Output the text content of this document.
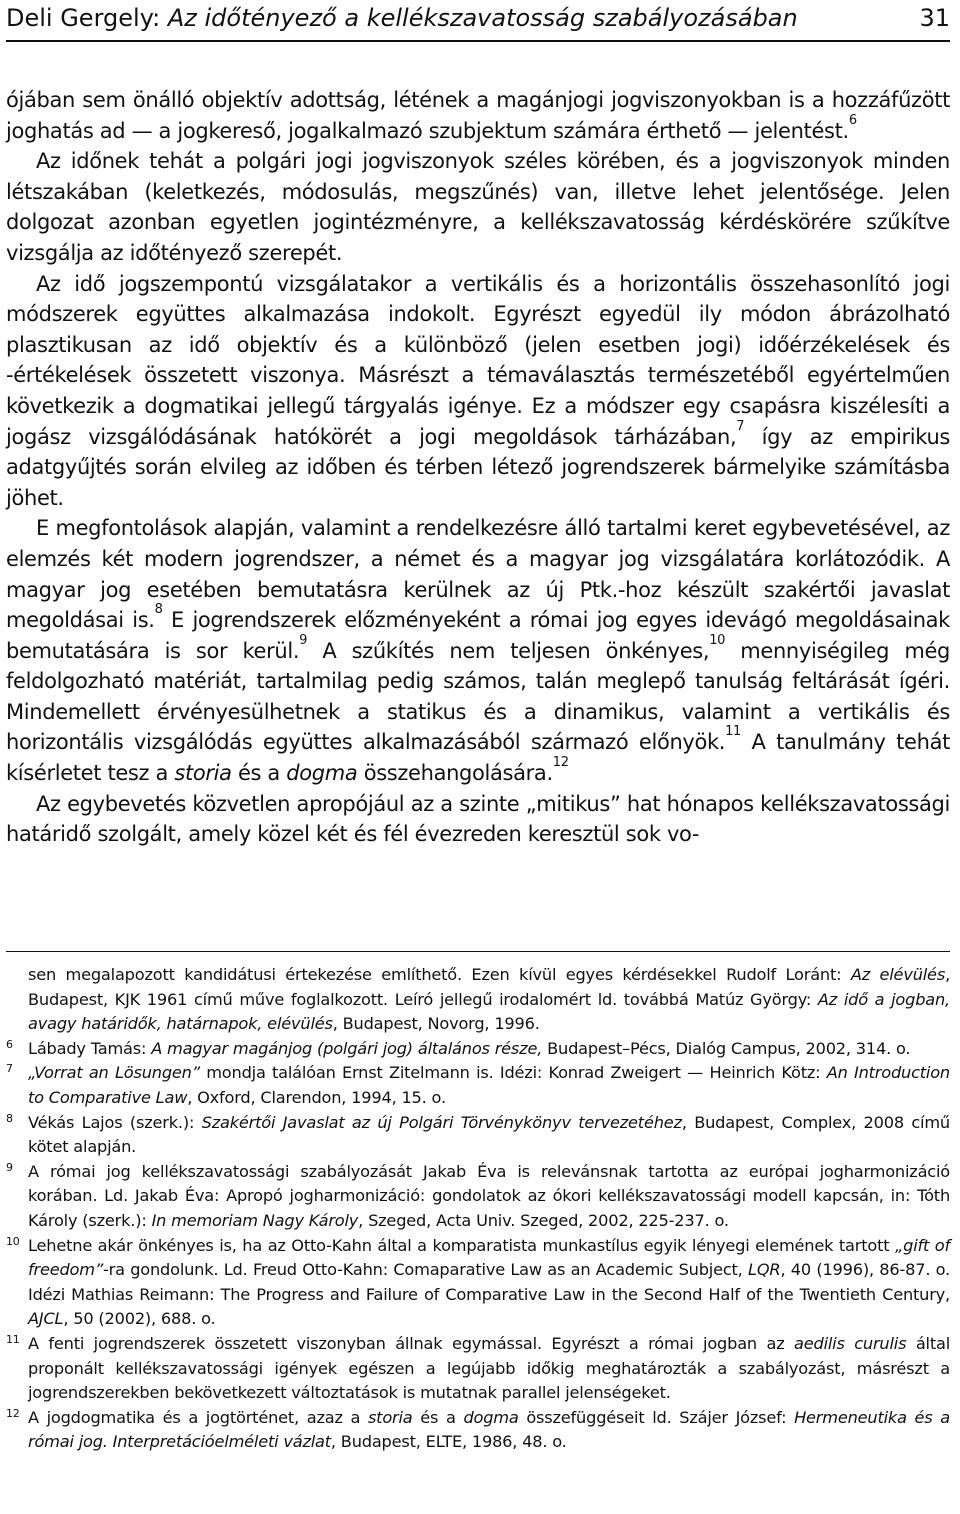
Deli Gergely: Az időtényező a kellékszavatosság szabályozásában	31

ójában sem önálló objektív adottság, létének a magánjogi jogviszonyokban is a hozzáfűzött joghatás ad — a jogkereső, jogalkalmazó szubjektum számára érthető — jelentést.$^6$

Az időnek tehát a polgári jogi jogviszonyok széles körében, és a jogviszonyok minden létszakában (keletkezés, módosulás, megszűnés) van, illetve lehet jelentősége. Jelen dolgozat azonban egyetlen jogintézményre, a kellékszavatosság kérdéskörére szűkítve vizsgálja az időtényező szerepét.

Az idő jogszempontú vizsgálatakor a vertikális és a horizontális összehasonlító jogi módszerek együttes alkalmazása indokolt. Egyrészt egyedül ily módon ábrázolható plasztikusan az idő objektív és a különböző (jelen esetben jogi) időérzékelések és -értékelések összetett viszonya. Másrészt a témaválasztás természetéből egyértelműen következik a dogmatikai jellegű tárgyalás igénye. Ez a módszer egy csapásra kiszélesíti a jogász vizsgálódásának hatókörét a jogi megoldások tárházában,$^7$ így az empirikus adatgyűjtés során elvileg az időben és térben létező jogrendszerek bármelyike számításba jöhet.

E megfontolások alapján, valamint a rendelkezésre álló tartalmi keret egybevetésével, az elemzés két modern jogrendszer, a német és a magyar jog vizsgálatára korlátozódik. A magyar jog esetében bemutatásra kerülnek az új Ptk.-hoz készült szakértői javaslat megoldásai is.$^8$ E jogrendszerek előzményeként a római jog egyes idevágó megoldásainak bemutatására is sor kerül.$^9$ A szűkítés nem teljesen önkényes,$^{10}$ mennyiségileg még feldolgozható matériát, tartalmilag pedig számos, talán meglepő tanulság feltárását ígéri. Mindemellett érvényesülhetnek a statikus és a dinamikus, valamint a vertikális és horizontális vizsgálódás együttes alkalmazásából származó előnyök.$^{11}$ A tanulmány tehát kísérletet tesz a storia és a dogma összehangolására.$^{12}$

Az egybevetés közvetlen apropójául az a szinte „mitikus” hat hónapos kellékszavatossági határidő szolgált, amely közel két és fél évezreden keresztül sok vo-

sen megalapozott kandidátusi értekezése említhető. Ezen kívül egyes kérdésekkel Rudolf Loránt: Az elévülés, Budapest, KJK 1961 című műve foglalkozott. Leíró jellegű irodalomért ld. továbbá Matúz György: Az idő a jogban, avagy határidők, határnapok, elévülés, Budapest, Novorg, 1996.
6 Lábady Tamás: A magyar magánjog (polgári jog) általános része, Budapest–Pécs, Dialóg Campus, 2002, 314. o.
7 „Vorrat an Lösungen” mondja találóan Ernst Zitelmann is. Idézi: Konrad Zweigert — Heinrich Kötz: An Introduction to Comparative Law, Oxford, Clarendon, 1994, 15. o.
8 Vékás Lajos (szerk.): Szakértői Javaslat az új Polgári Törvénykönyv tervezetéhez, Budapest, Complex, 2008 című kötet alapján.
9 A római jog kellékszavatossági szabályozását Jakab Éva is relevánsnak tartotta az európai jogharmonizáció korában. Ld. Jakab Éva: Apropó jogharmonizáció: gondolatok az ókori kellékszavatossági modell kapcsán, in: Tóth Károly (szerk.): In memoriam Nagy Károly, Szeged, Acta Univ. Szeged, 2002, 225-237. o.
10 Lehetne akár önkényes is, ha az Otto-Kahn által a komparatista munkastílus egyik lényegi elemének tartott „gift of freedom”-ra gondolunk. Ld. Freud Otto-Kahn: Comaparative Law as an Academic Subject, LQR, 40 (1996), 86-87. o. Idézi Mathias Reimann: The Progress and Failure of Comparative Law in the Second Half of the Twentieth Century, AJCL, 50 (2002), 688. o.
11 A fenti jogrendszerek összetett viszonyban állnak egymással. Egyrészt a római jogban az aedilis curulis által proponált kellékszavatossági igények egészen a legújabb időkig meghatározták a szabályozást, másrészt a jogrendszerekben bekövetkezett változtatások is mutatnak parallel jelenségeket.
12 A jogdogmatika és a jogtörténet, azaz a storia és a dogma összefüggéseit ld. Szájer József: Hermeneutika és a római jog. Interpretációelméleti vázlat, Budapest, ELTE, 1986, 48. o.
